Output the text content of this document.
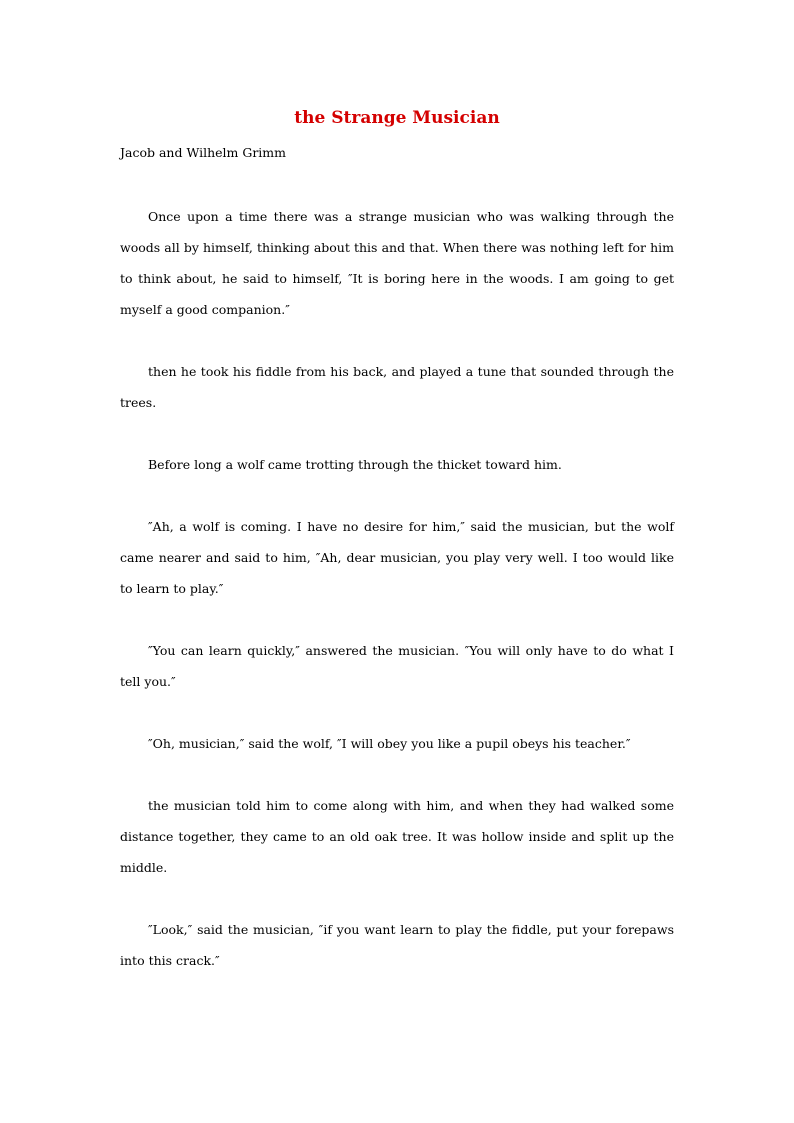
the Strange Musician
Jacob and Wilhelm Grimm

Once upon a time there was a strange musician who was walking through the woods all by himself, thinking about this and that. When there was nothing left for him to think about, he said to himself, ″It is boring here in the woods. I am going to get myself a good companion.″

then he took his fiddle from his back, and played a tune that sounded through the trees.

Before long a wolf came trotting through the thicket toward him.

″Ah, a wolf is coming. I have no desire for him,″ said the musician, but the wolf came nearer and said to him, ″Ah, dear musician, you play very well. I too would like to learn to play.″

″You can learn quickly,″ answered the musician. ″You will only have to do what I tell you.″

″Oh, musician,″ said the wolf, ″I will obey you like a pupil obeys his teacher.″

the musician told him to come along with him, and when they had walked some distance together, they came to an old oak tree. It was hollow inside and split up the middle.

″Look,″ said the musician, ″if you want learn to play the fiddle, put your forepaws into this crack.″
